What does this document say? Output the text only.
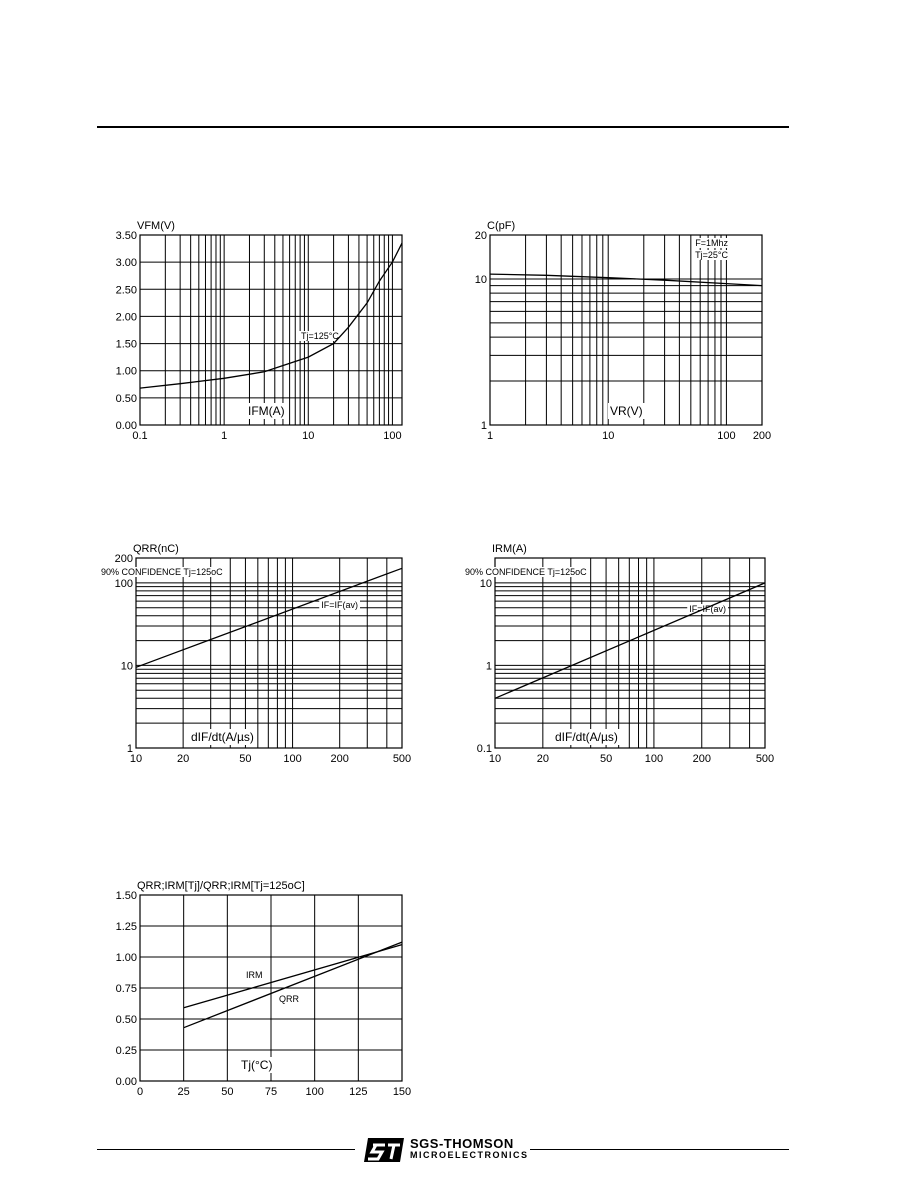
0.1	1	10	100
0.00
0.50
1.00
1.50
2.00
2.50
3.00
3.50
VFM(V)
IFM(A)
Tj=125°C
1	10	100 200
1
10
20
C(pF)
VR(V)
F=1Mhz
Tj=25°C
10	20	50	100	200	500
1
10
100
200
QRR(nC)
dIF/dt(A/µs)
90% CONFIDENCE Tj=125oC
IF=IF(av)
10	20	50	100	200	500
0.1
1
10
IRM(A)
dIF/dt(A/µs)
90% CONFIDENCE Tj=125oC
IF=IF(av)
0	25	50	75	100 125 150
0.00
0.25
0.50
0.75
1.00
1.25
1.50
QRR;IRM[Tj]/QRR;IRM[Tj=125oC]
Tj(°C)
IRM
QRR
SGS-THOMSON
MICROELECTRONICS
